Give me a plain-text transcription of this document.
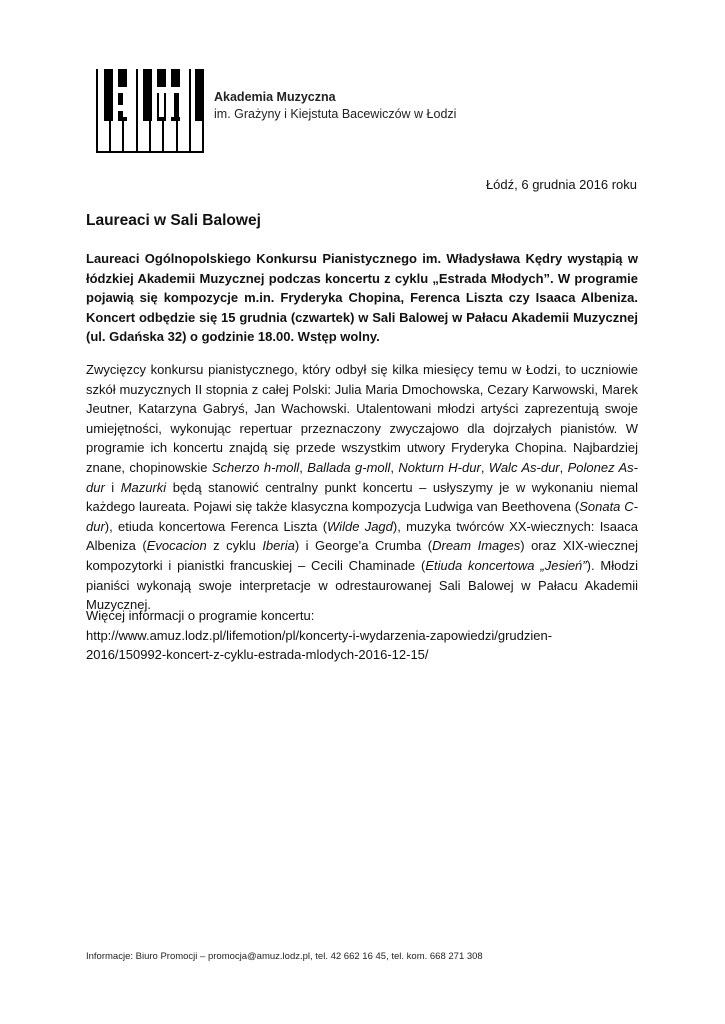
Akademia Muzyczna
im. Grażyny i Kiejstuta Bacewiczów w Łodzi
Łódź, 6 grudnia 2016 roku
Laureaci w Sali Balowej

Laureaci Ogólnopolskiego Konkursu Pianistycznego im. Władysława Kędry wystąpią w łódzkiej Akademii Muzycznej podczas koncertu z cyklu „Estrada Młodych”. W programie pojawią się kompozycje m.in. Fryderyka Chopina, Ferenca Liszta czy Isaaca Albeniza. Koncert odbędzie się 15 grudnia (czwartek) w Sali Balowej w Pałacu Akademii Muzycznej (ul. Gdańska 32) o godzinie 18.00. Wstęp wolny.

Zwycięzcy konkursu pianistycznego, który odbył się kilka miesięcy temu w Łodzi, to uczniowie szkół muzycznych II stopnia z całej Polski: Julia Maria Dmochowska, Cezary Karwowski, Marek Jeutner, Katarzyna Gabryś, Jan Wachowski. Utalentowani młodzi artyści zaprezentują swoje umiejętności, wykonując repertuar przeznaczony zwyczajowo dla dojrzałych pianistów. W programie ich koncertu znajdą się przede wszystkim utwory Fryderyka Chopina. Najbardziej znane, chopinowskie Scherzo h-moll, Ballada g-moll, Nokturn H-dur, Walc As-dur, Polonez As-dur i Mazurki będą stanowić centralny punkt koncertu – usłyszymy je w wykonaniu niemal każdego laureata. Pojawi się także klasyczna kompozycja Ludwiga van Beethovena (Sonata C-dur), etiuda koncertowa Ferenca Liszta (Wilde Jagd), muzyka twórców XX-wiecznych: Isaaca Albeniza (Evocacion z cyklu Iberia) i George’a Crumba (Dream Images) oraz XIX-wiecznej kompozytorki i pianistki francuskiej – Cecili Chaminade (Etiuda koncertowa „Jesień”). Młodzi pianiści wykonają swoje interpretacje w odrestaurowanej Sali Balowej w Pałacu Akademii Muzycznej.

Więcej informacji o programie koncertu:
http://www.amuz.lodz.pl/lifemotion/pl/koncerty-i-wydarzenia-zapowiedzi/grudzien-
2016/150992-koncert-z-cyklu-estrada-mlodych-2016-12-15/
Informacje: Biuro Promocji – promocja@amuz.lodz.pl, tel. 42 662 16 45, tel. kom. 668 271 308
